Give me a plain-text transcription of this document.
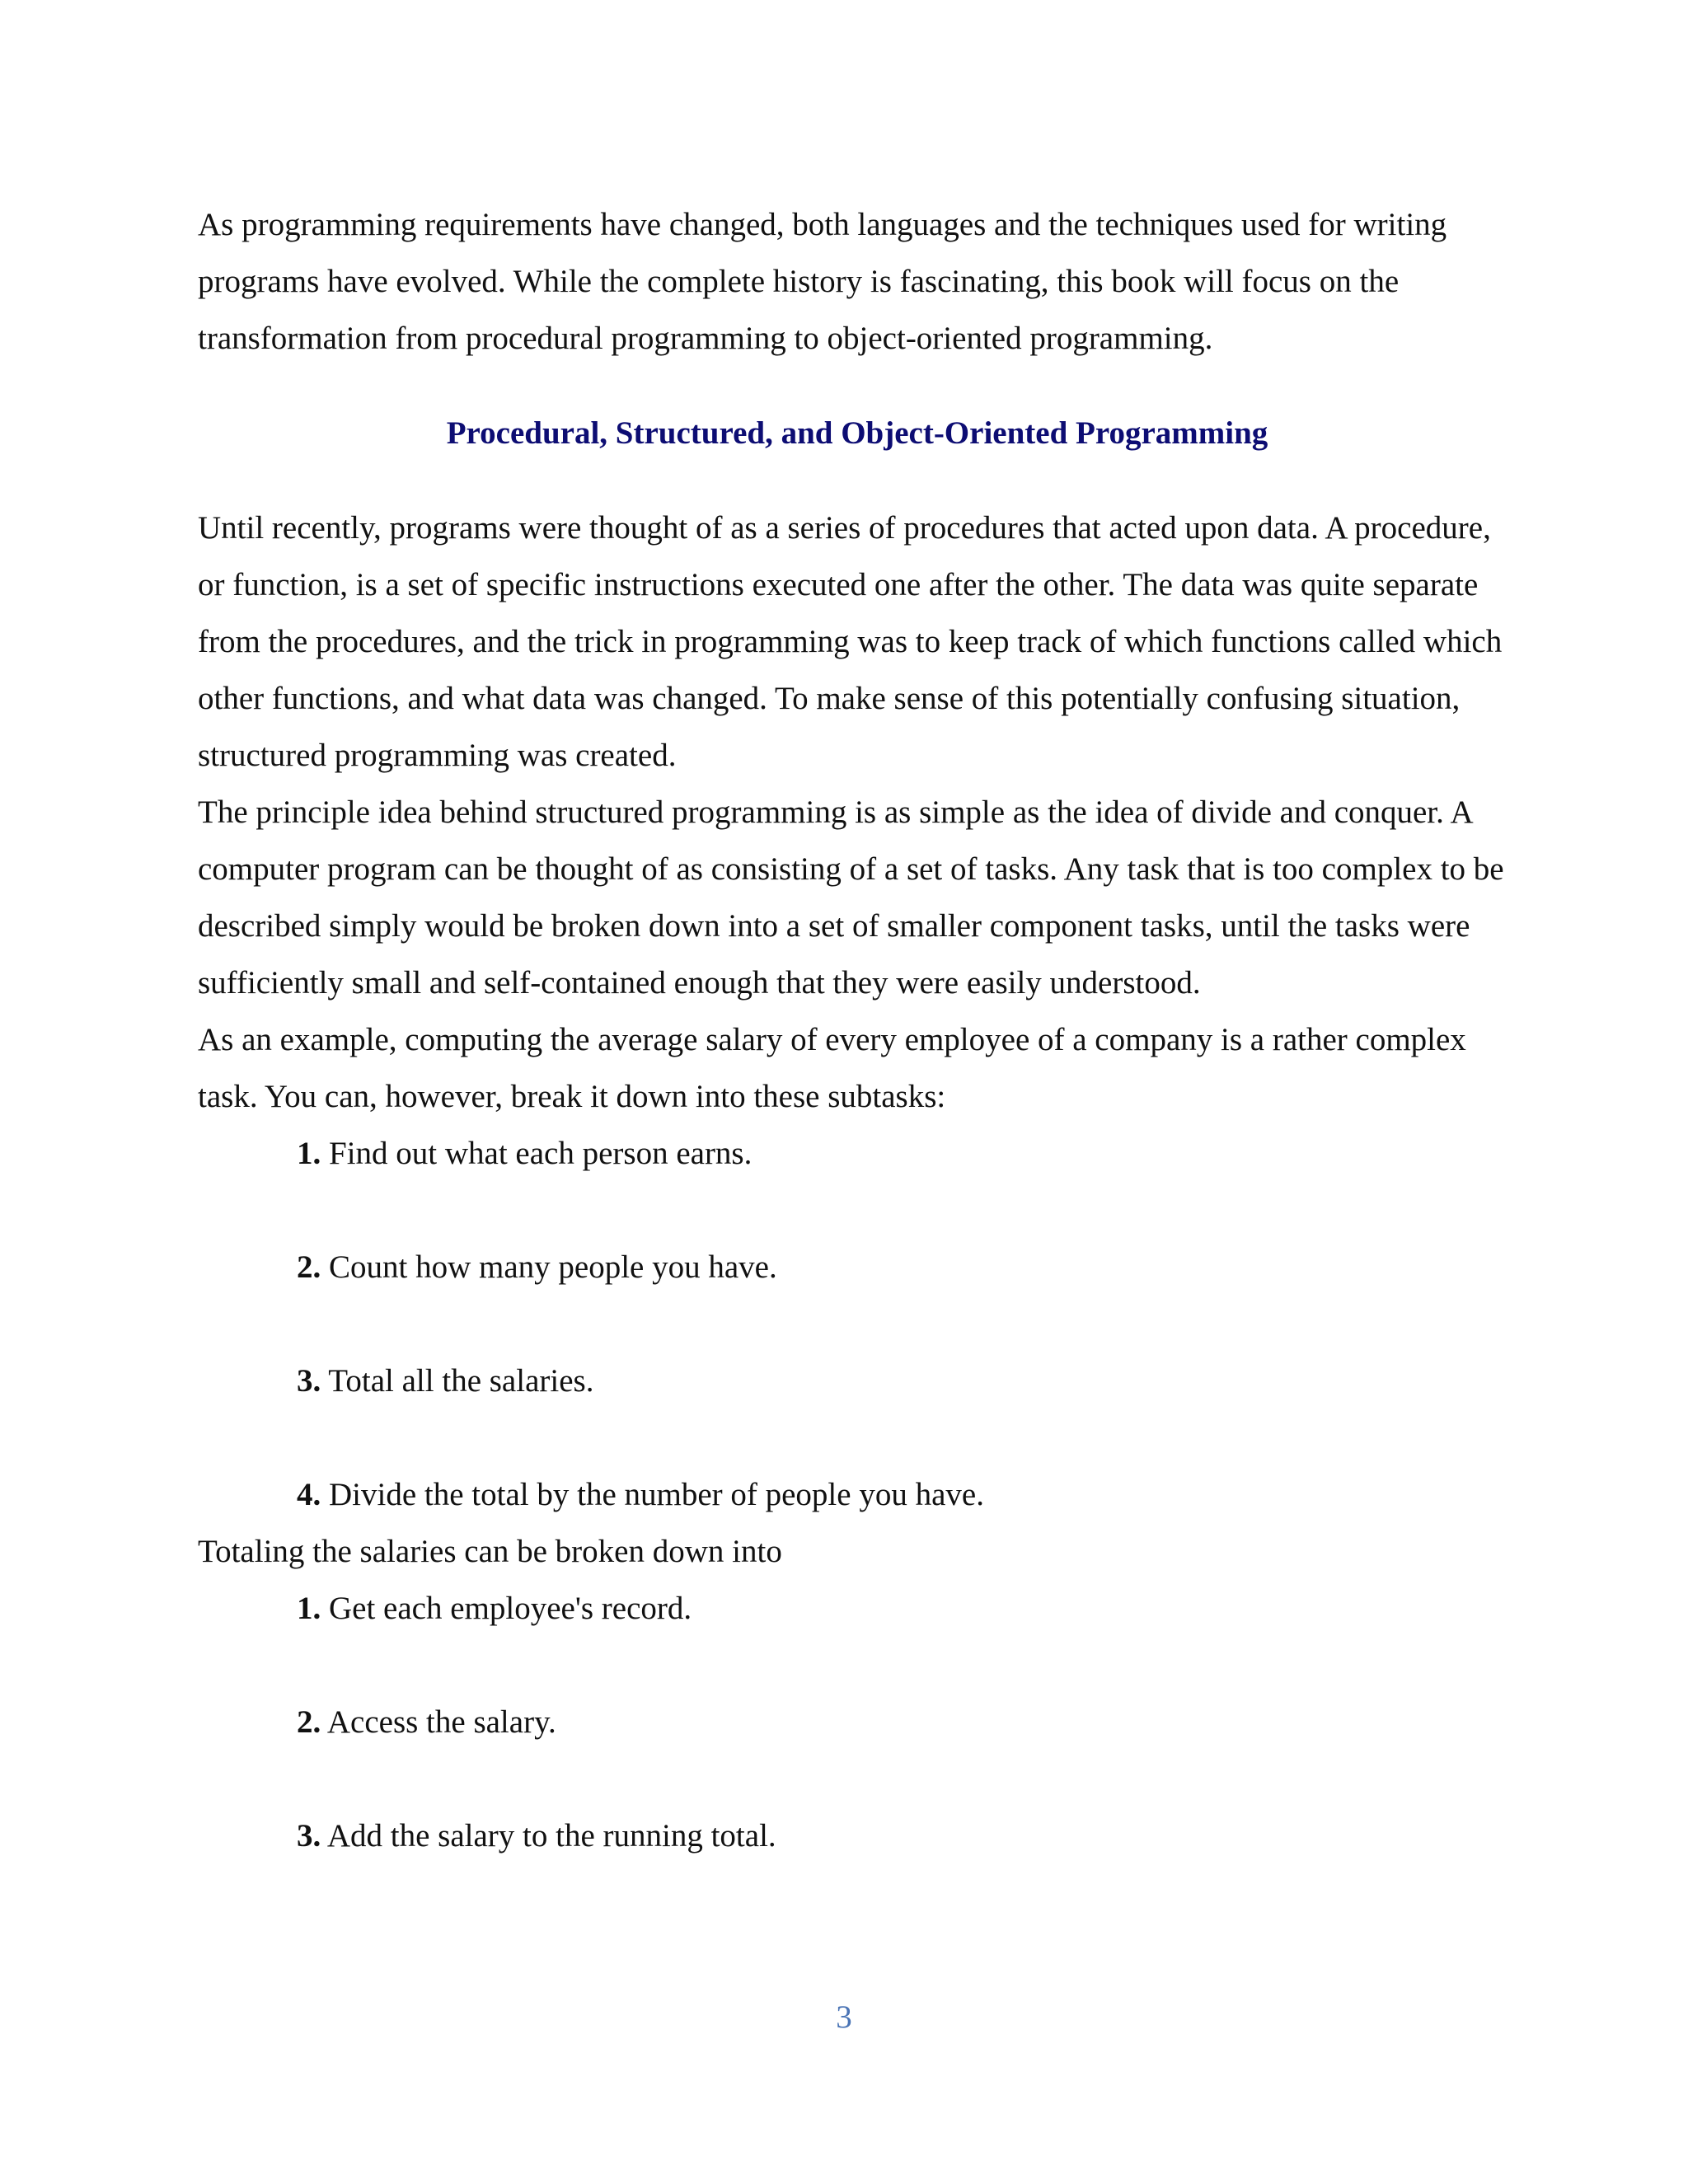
As programming requirements have changed, both languages and the techniques used for writing programs have evolved. While the complete history is fascinating, this book will focus on the transformation from procedural programming to object-oriented programming.

Procedural, Structured, and Object-Oriented Programming

Until recently, programs were thought of as a series of procedures that acted upon data. A procedure, or function, is a set of specific instructions executed one after the other. The data was quite separate from the procedures, and the trick in programming was to keep track of which functions called which other functions, and what data was changed. To make sense of this potentially confusing situation, structured programming was created.

The principle idea behind structured programming is as simple as the idea of divide and conquer. A computer program can be thought of as consisting of a set of tasks. Any task that is too complex to be described simply would be broken down into a set of smaller component tasks, until the tasks were sufficiently small and self-contained enough that they were easily understood.

As an example, computing the average salary of every employee of a company is a rather complex task. You can, however, break it down into these subtasks:

1. Find out what each person earns.
2. Count how many people you have.
3. Total all the salaries.
4. Divide the total by the number of people you have.

Totaling the salaries can be broken down into

1. Get each employee's record.
2. Access the salary.
3. Add the salary to the running total.
3
